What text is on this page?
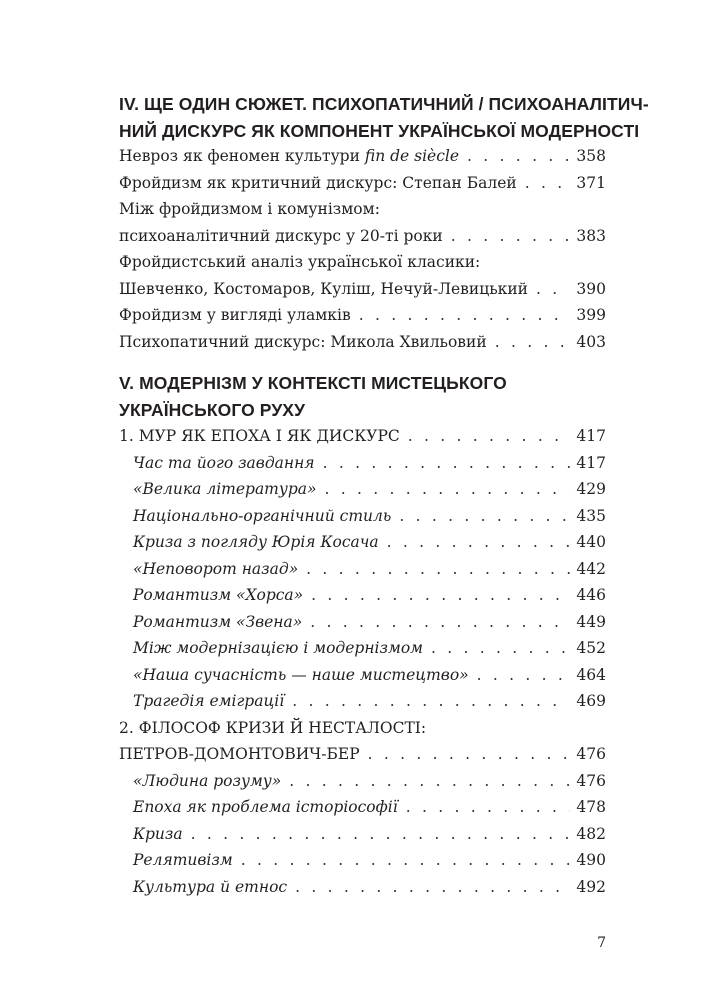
IV. ЩЕ ОДИН СЮЖЕТ. ПСИХОПАТИЧНИЙ / ПСИХОАНАЛІТИЧ-
НИЙ ДИСКУРС ЯК КОМПОНЕНТ УКРАЇНСЬКОЇ МОДЕРНОСТІ
Невроз як феномен культури fin de siècle . . .	358
Фройдизм як критичний дискурс: Степан Балей . . .	371
Між фройдизмом і комунізмом:
психоаналітичний дискурс у 20-ті роки . . .	383
Фройдистський аналіз української класики:
Шевченко, Костомаров, Куліш, Нечуй-Левицький . . .	390
Фройдизм у вигляді уламків . . .	399
Психопатичний дискурс: Микола Хвильовий . . .	403
V. МОДЕРНІЗМ У КОНТЕКСТІ МИСТЕЦЬКОГО
УКРАЇНСЬКОГО РУХУ
1. МУР ЯК ЕПОХА І ЯК ДИСКУРС . . .	417
Час та його завдання . . .	417
«Велика література» . . .	429
Національно-органічний стиль . . .	435
Криза з погляду Юрія Косача . . .	440
«Неповорот назад» . . .	442
Романтизм «Хорса» . . .	446
Романтизм «Звена» . . .	449
Між модернізацією і модернізмом . . .	452
«Наша сучасність — наше мистецтво» . . .	464
Трагедія еміграції . . .	469
2. ФІЛОСОФ КРИЗИ Й НЕСТАЛОСТІ:
ПЕТРОВ-ДОМОНТОВИЧ-БЕР . . .	476
«Людина розуму» . . .	476
Епоха як проблема історіософії . . .	478
Криза . . .	482
Релятивізм . . .	490
Культура й етнос . . .	492
7
